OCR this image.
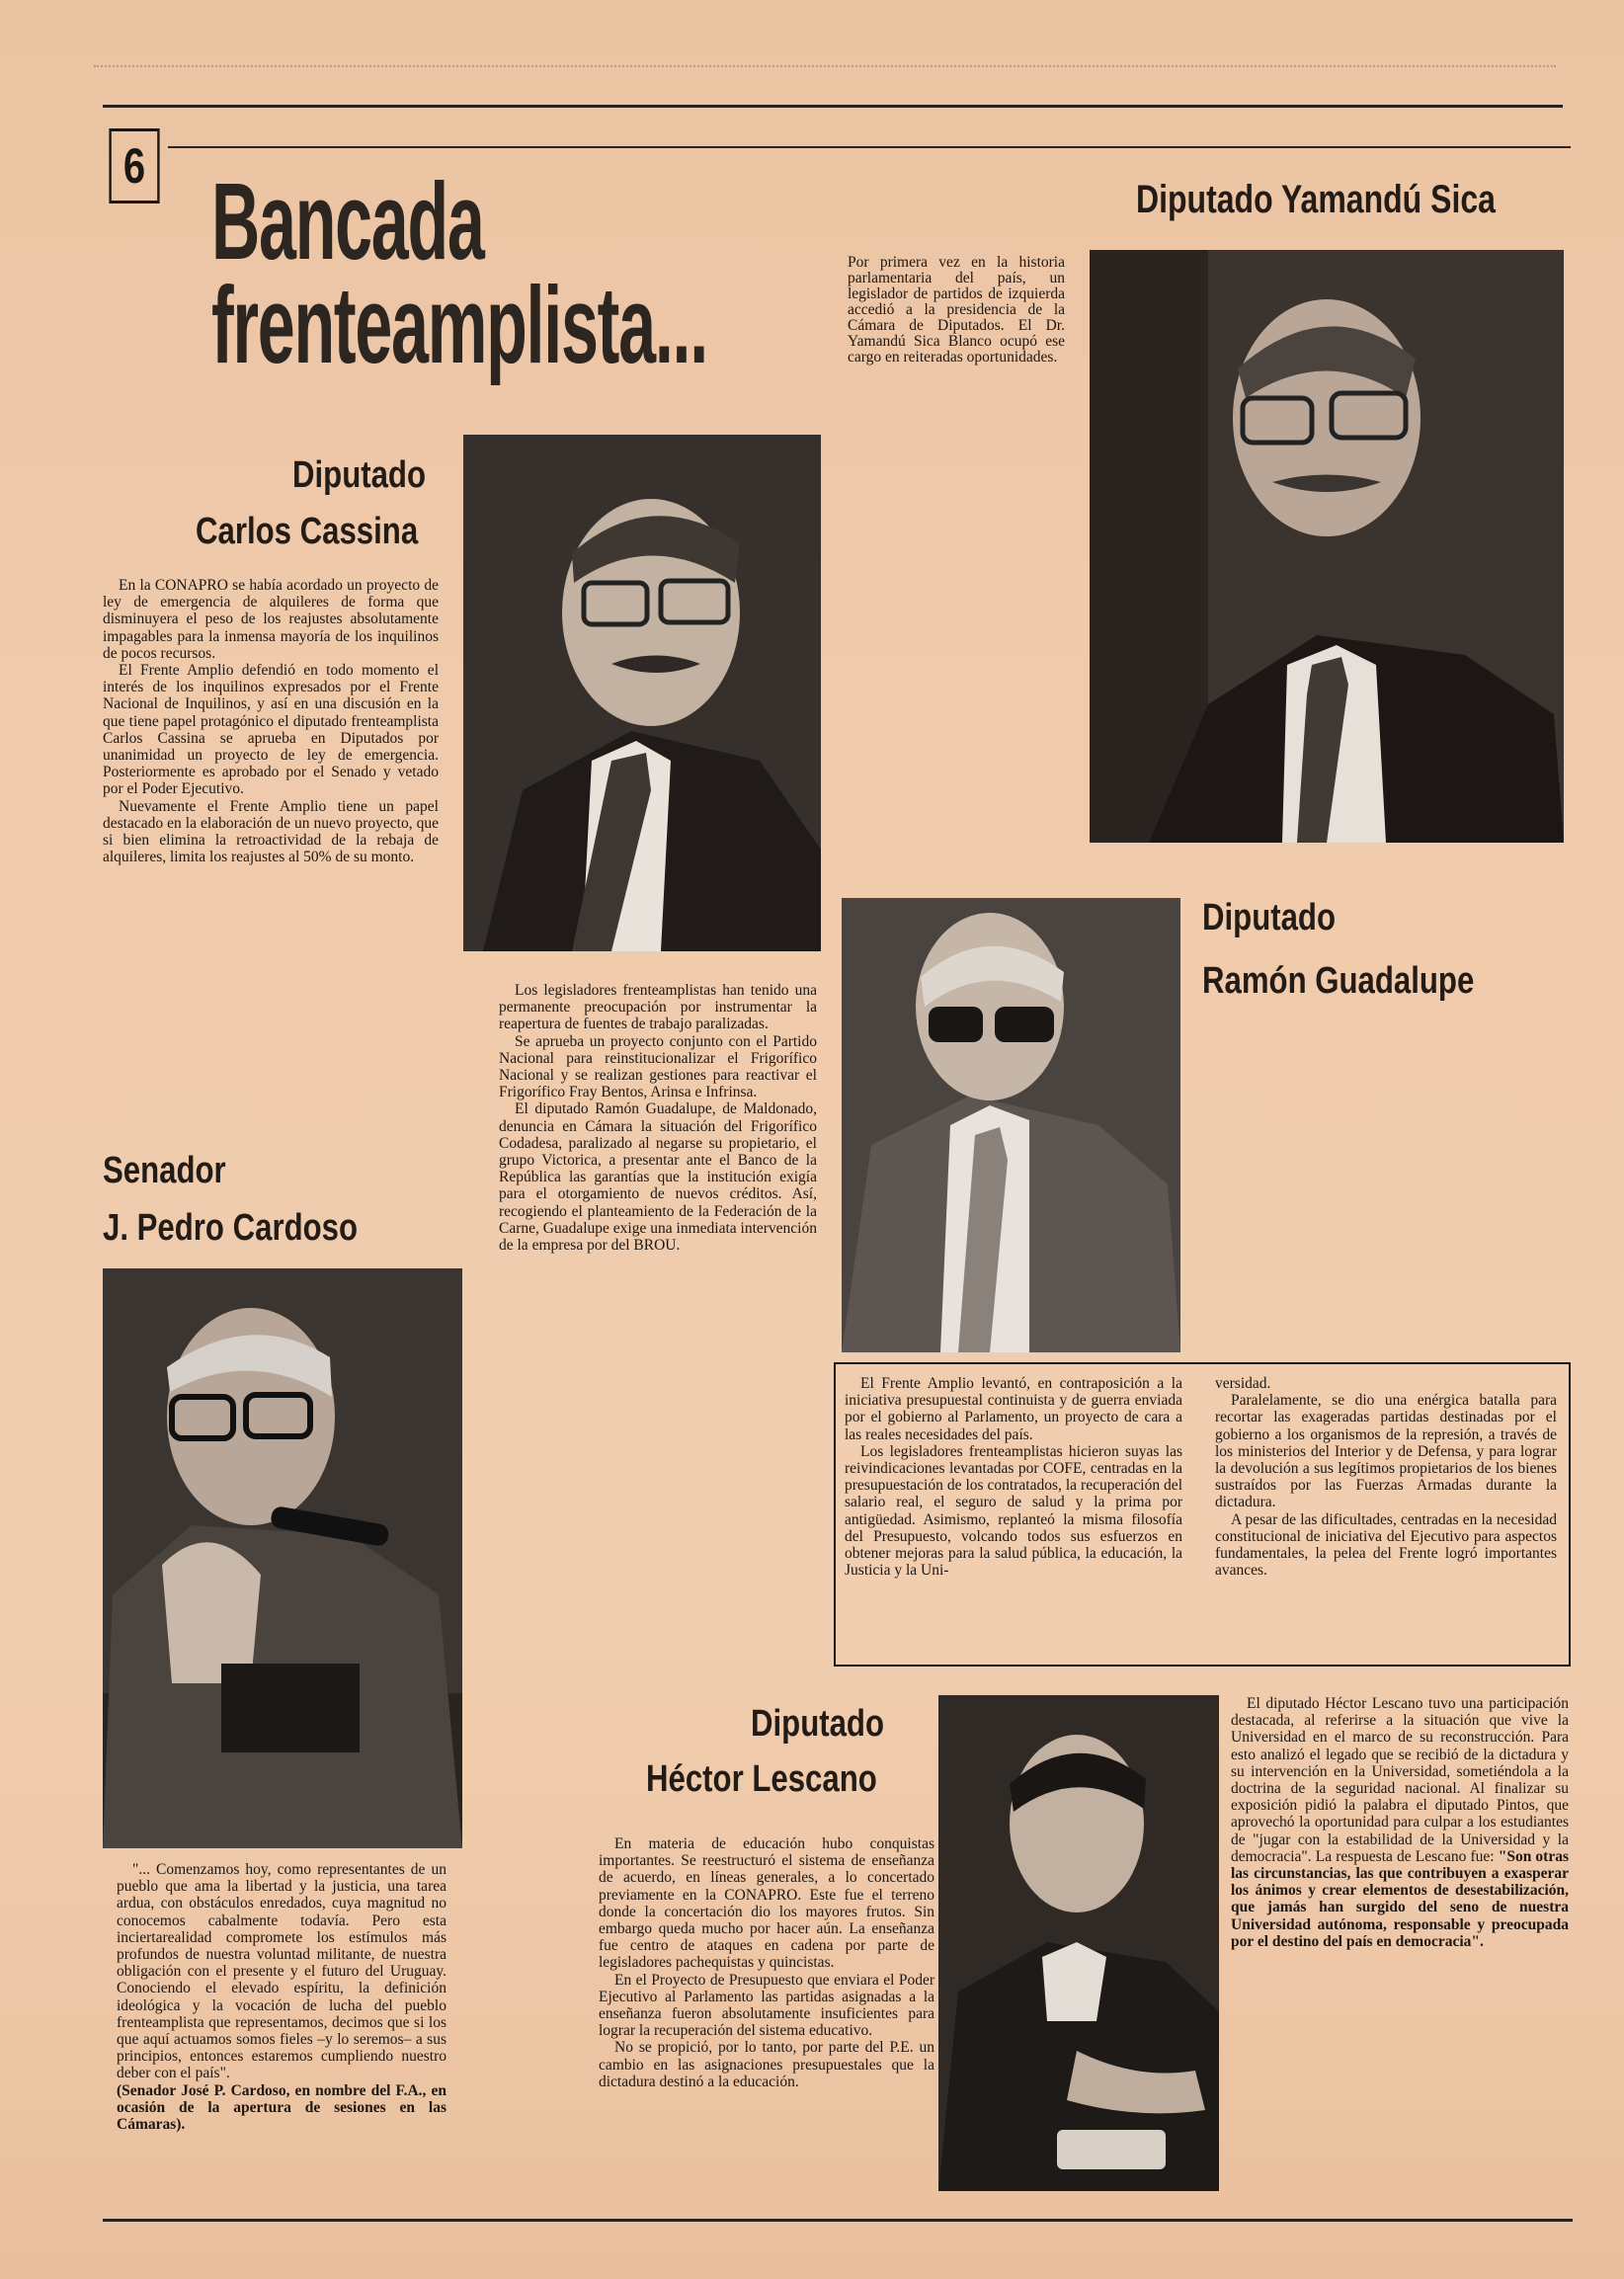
6 Bancada
frenteamplista...
Diputado Yamandú Sica

Por primera vez en la historia parlamentaria del país, un legislador de partidos de izquierda accedió a la presidencia de la Cámara de Diputados. El Dr. Yamandú Sica Blanco ocupó ese cargo en reiteradas oportunidades.

Diputado
Carlos Cassina

En la CONAPRO se había acordado un proyecto de ley de emergencia de alquileres de forma que disminuyera el peso de los reajustes absolutamente impagables para la inmensa mayoría de los inquilinos de pocos recursos.

El Frente Amplio defendió en todo momento el interés de los inquilinos expresados por el Frente Nacional de Inquilinos, y así en una discusión en la que tiene papel protagónico el diputado frenteamplista Carlos Cassina se aprueba en Diputados por unanimidad un proyecto de ley de emergencia. Posteriormente es aprobado por el Senado y vetado por el Poder Ejecutivo.

Nuevamente el Frente Amplio tiene un papel destacado en la elaboración de un nuevo proyecto, que si bien elimina la retroactividad de la rebaja de alquileres, limita los reajustes al 50% de su monto.

Los legisladores frenteamplistas han tenido una permanente preocupación por instrumentar la reapertura de fuentes de trabajo paralizadas.

Se aprueba un proyecto conjunto con el Partido Nacional para reinstitucionalizar el Frigorífico Nacional y se realizan gestiones para reactivar el Frigorífico Fray Bentos, Arinsa e Infrinsa.

El diputado Ramón Guadalupe, de Maldonado, denuncia en Cámara la situación del Frigorífico Codadesa, paralizado al negarse su propietario, el grupo Victorica, a presentar ante el Banco de la República las garantías que la institución exigía para el otorgamiento de nuevos créditos. Así, recogiendo el planteamiento de la Federación de la Carne, Guadalupe exige una inmediata intervención de la empresa por del BROU.

Diputado
Ramón Guadalupe
Senador
J. Pedro Cardoso

"... Comenzamos hoy, como representantes de un pueblo que ama la libertad y la justicia, una tarea ardua, con obstáculos enredados, cuya magnitud no conocemos cabalmente todavía. Pero esta inciertarealidad compromete los estímulos más profundos de nuestra voluntad militante, de nuestra obligación con el presente y el futuro del Uruguay. Conociendo el elevado espíritu, la definición ideológica y la vocación de lucha del pueblo frenteamplista que representamos, decimos que si los que aquí actuamos somos fieles –y lo seremos– a sus principios, entonces estaremos cumpliendo nuestro deber con el país".

(Senador José P. Cardoso, en nombre del F.A., en ocasión de la apertura de sesiones en las Cámaras).

El Frente Amplio levantó, en contraposición a la iniciativa presupuestal continuista y de guerra enviada por el gobierno al Parlamento, un proyecto de cara a las reales necesidades del país.

Los legisladores frenteamplistas hicieron suyas las reivindicaciones levantadas por COFE, centradas en la presupuestación de los contratados, la recuperación del salario real, el seguro de salud y la prima por antigüedad. Asimismo, replanteó la misma filosofía del Presupuesto, volcando todos sus esfuerzos en obtener mejoras para la salud pública, la educación, la Justicia y la Uni-

versidad.

Paralelamente, se dio una enérgica batalla para recortar las exageradas partidas destinadas por el gobierno a los organismos de la represión, a través de los ministerios del Interior y de Defensa, y para lograr la devolución a sus legítimos propietarios de los bienes sustraídos por las Fuerzas Armadas durante la dictadura.

A pesar de las dificultades, centradas en la necesidad constitucional de iniciativa del Ejecutivo para aspectos fundamentales, la pelea del Frente logró importantes avances.

Diputado
Héctor Lescano

En materia de educación hubo conquistas importantes. Se reestructuró el sistema de enseñanza de acuerdo, en líneas generales, a lo concertado previamente en la CONAPRO. Este fue el terreno donde la concertación dio los mayores frutos. Sin embargo queda mucho por hacer aún. La enseñanza fue centro de ataques en cadena por parte de legisladores pachequistas y quincistas.

En el Proyecto de Presupuesto que enviara el Poder Ejecutivo al Parlamento las partidas asignadas a la enseñanza fueron absolutamente insuficientes para lograr la recuperación del sistema educativo.

No se propició, por lo tanto, por parte del P.E. un cambio en las asignaciones presupuestales que la dictadura destinó a la educación.

El diputado Héctor Lescano tuvo una participación destacada, al referirse a la situación que vive la Universidad en el marco de su reconstrucción. Para esto analizó el legado que se recibió de la dictadura y su intervención en la Universidad, sometiéndola a la doctrina de la seguridad nacional. Al finalizar su exposición pidió la palabra el diputado Pintos, que aprovechó la oportunidad para culpar a los estudiantes de "jugar con la estabilidad de la Universidad y la democracia". La respuesta de Lescano fue: "Son otras las circunstancias, las que contribuyen a exasperar los ánimos y crear elementos de desestabilización, que jamás han surgido del seno de nuestra Universidad autónoma, responsable y preocupada por el destino del país en democracia".
